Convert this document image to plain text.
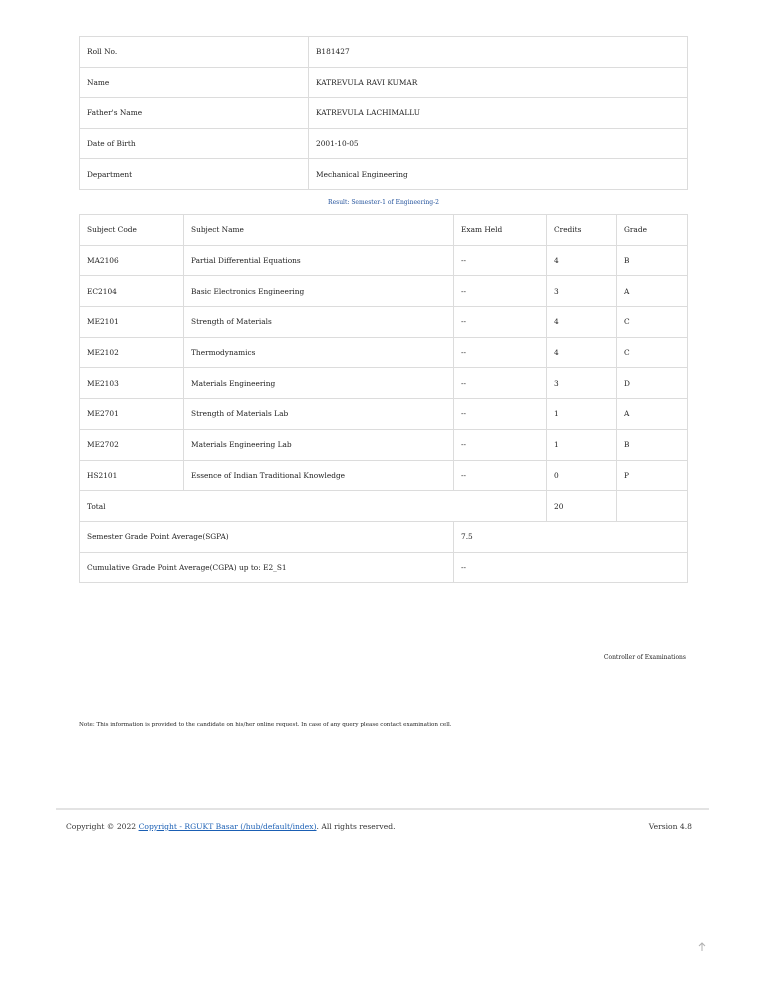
Roll No.	B181427
Name	KATREVULA RAVI KUMAR
Father's Name	KATREVULA LACHIMALLU
Date of Birth	2001-10-05
Department	Mechanical Engineering
Result: Semester-1 of Engineering-2
Subject Code	Subject Name	Exam Held	Credits	Grade
MA2106	Partial Differential Equations	--	4	B
EC2104	Basic Electronics Engineering	--	3	A
ME2101	Strength of Materials	--	4	C
ME2102	Thermodynamics	--	4	C
ME2103	Materials Engineering	--	3	D
ME2701	Strength of Materials Lab	--	1	A
ME2702	Materials Engineering Lab	--	1	B
HS2101	Essence of Indian Traditional Knowledge	--	0	P
Total			20	
Semester Grade Point Average(SGPA)		7.5		
Cumulative Grade Point Average(CGPA) up to: E2_S1		--		
Controller of Examinations
Note: This information is provided to the candidate on his/her online request. In case of any query please contact examination cell.
Copyright © 2022 Copyright - RGUKT Basar (/hub/default/index). All rights reserved.	Version 4.8
